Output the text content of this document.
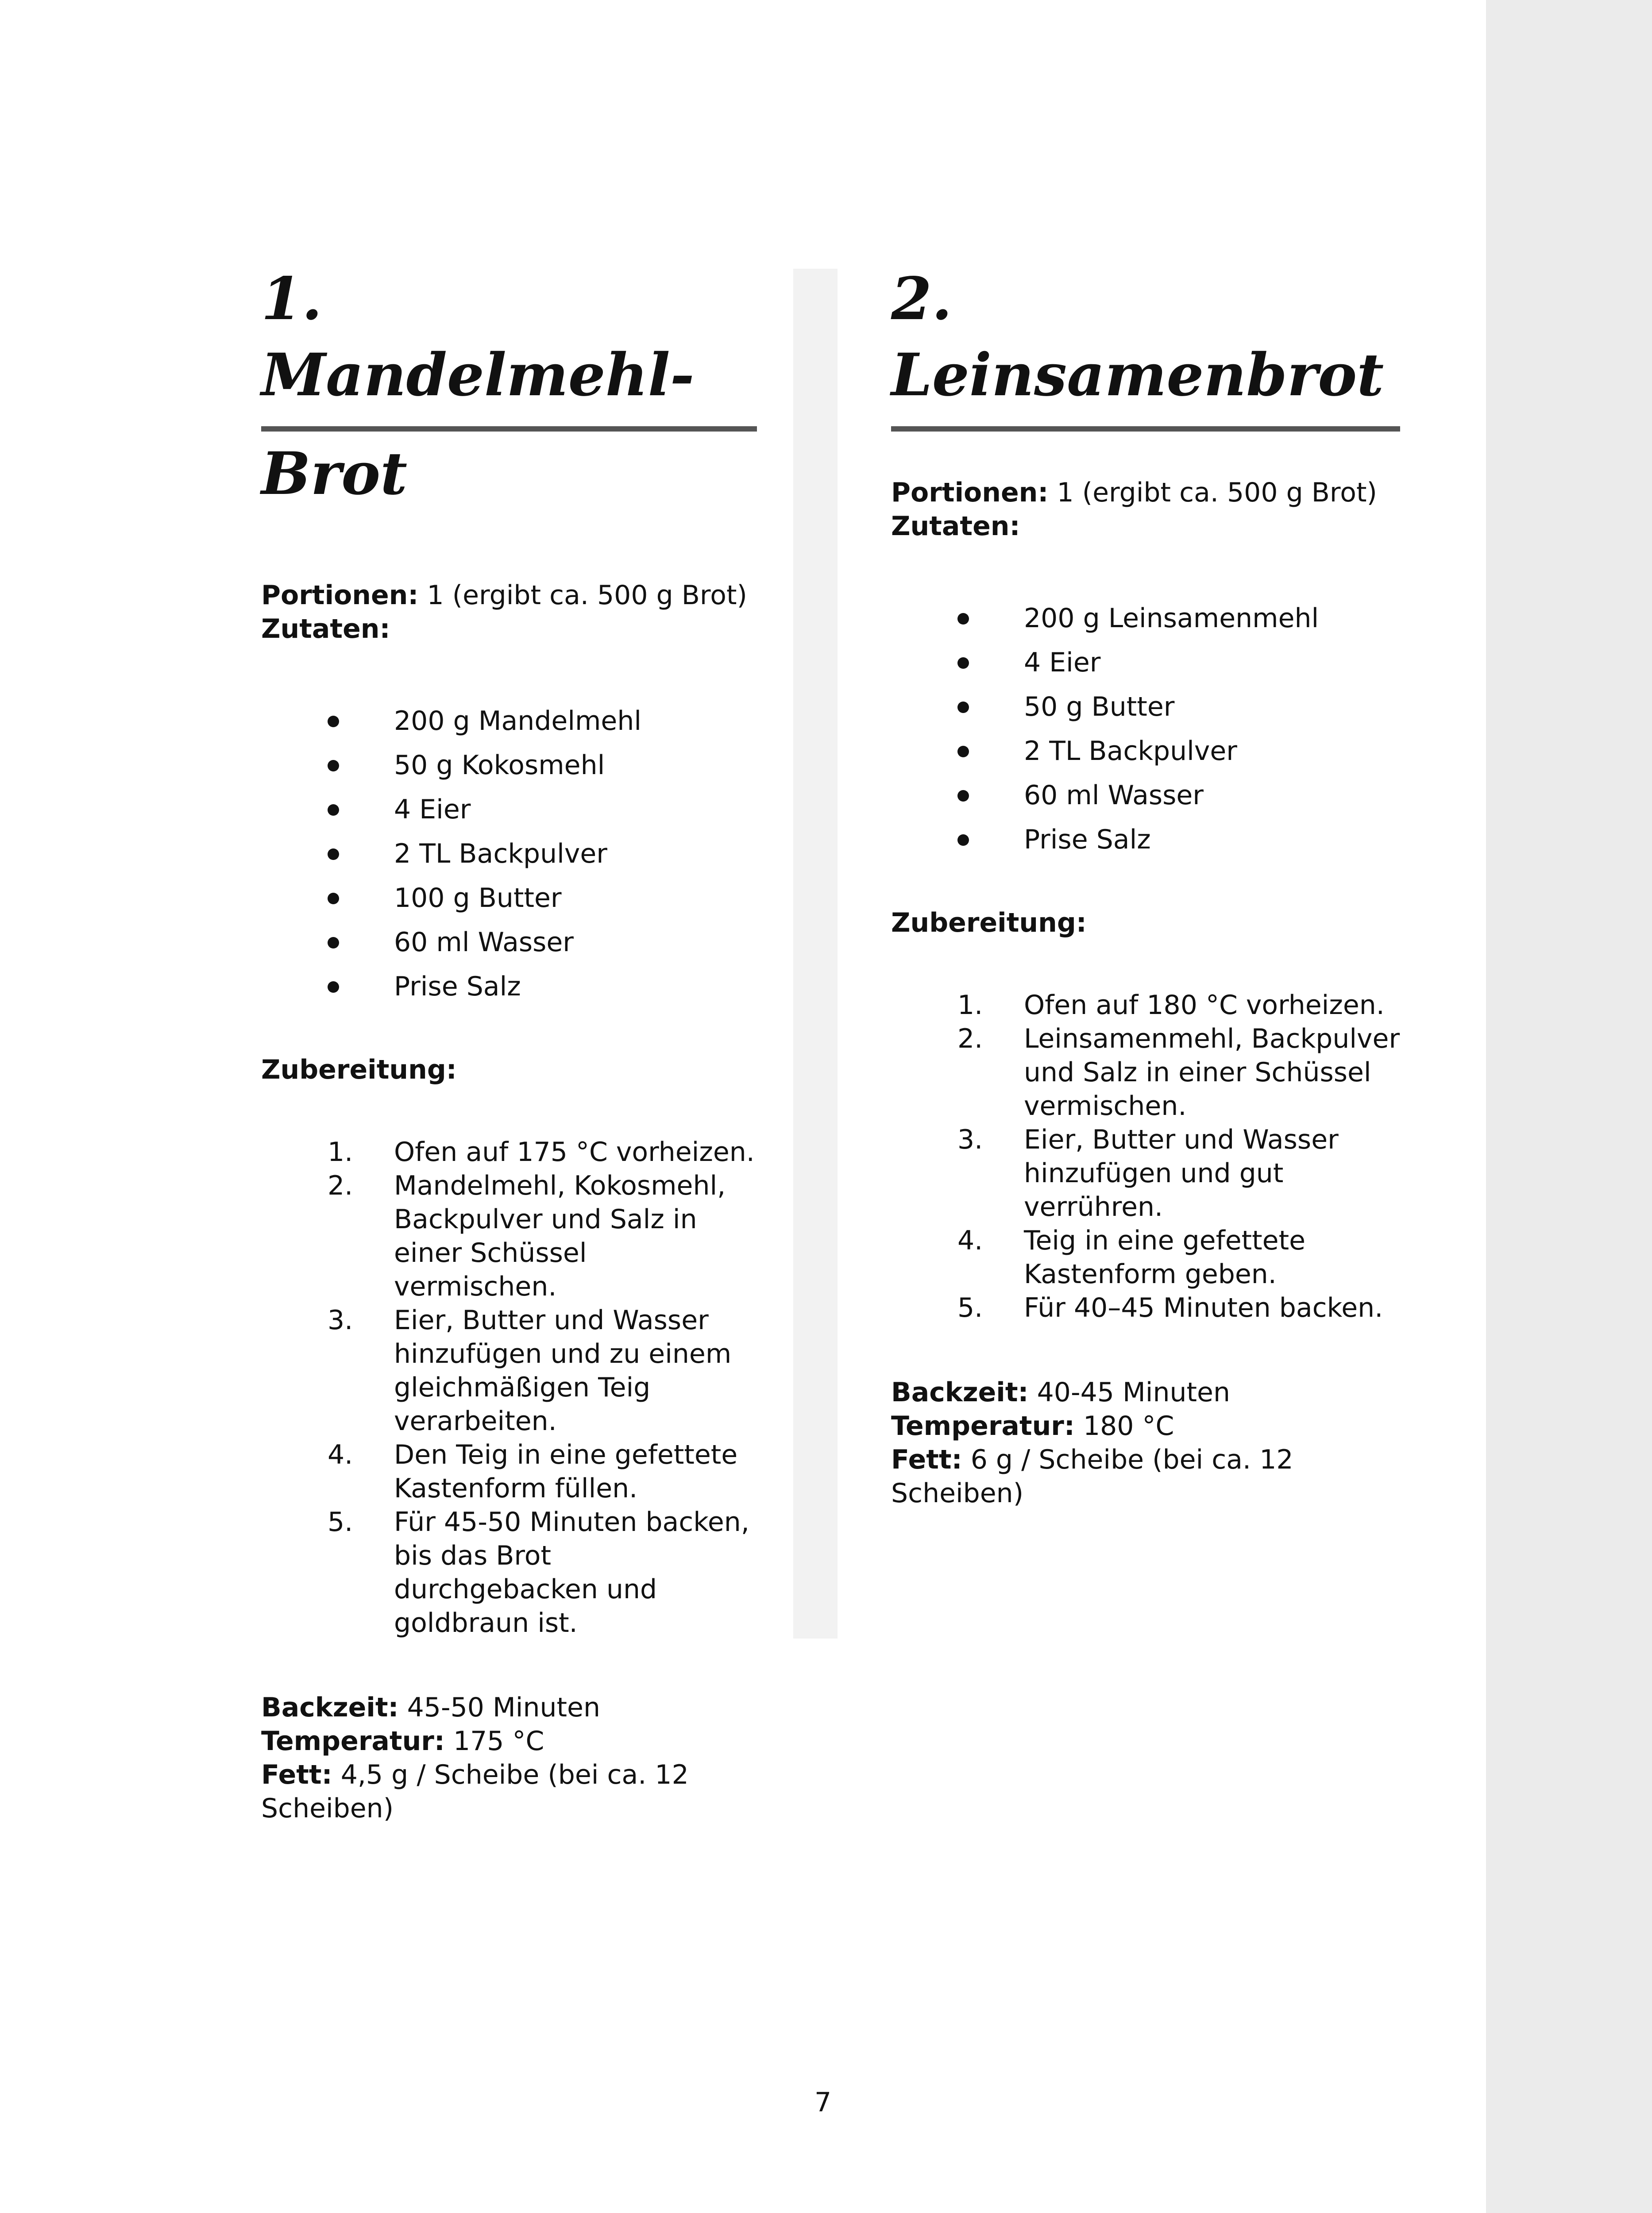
1. Mandelmehl-
Brot
Portionen: 1 (ergibt ca. 500 g Brot)
Zutaten:
200 g Mandelmehl
50 g Kokosmehl
4 Eier
2 TL Backpulver
100 g Butter
60 ml Wasser
Prise Salz
Zubereitung:
1. Ofen auf 175 °C vorheizen.
2. Mandelmehl, Kokosmehl, Backpulver und Salz in einer Schüssel vermischen.
3. Eier, Butter und Wasser hinzufügen und zu einem gleichmäßigen Teig verarbeiten.
4. Den Teig in eine gefettete Kastenform füllen.
5. Für 45-50 Minuten backen, bis das Brot durchgebacken und goldbraun ist.
Backzeit: 45-50 Minuten
Temperatur: 175 °C
Fett: 4,5 g / Scheibe (bei ca. 12 Scheiben)
2. Leinsamenbrot
Portionen: 1 (ergibt ca. 500 g Brot)
Zutaten:
200 g Leinsamenmehl
4 Eier
50 g Butter
2 TL Backpulver
60 ml Wasser
Prise Salz
Zubereitung:
1. Ofen auf 180 °C vorheizen.
2. Leinsamenmehl, Backpulver und Salz in einer Schüssel vermischen.
3. Eier, Butter und Wasser hinzufügen und gut verrühren.
4. Teig in eine gefettete Kastenform geben.
5. Für 40–45 Minuten backen.
Backzeit: 40-45 Minuten
Temperatur: 180 °C
Fett: 6 g / Scheibe (bei ca. 12 Scheiben)
7
